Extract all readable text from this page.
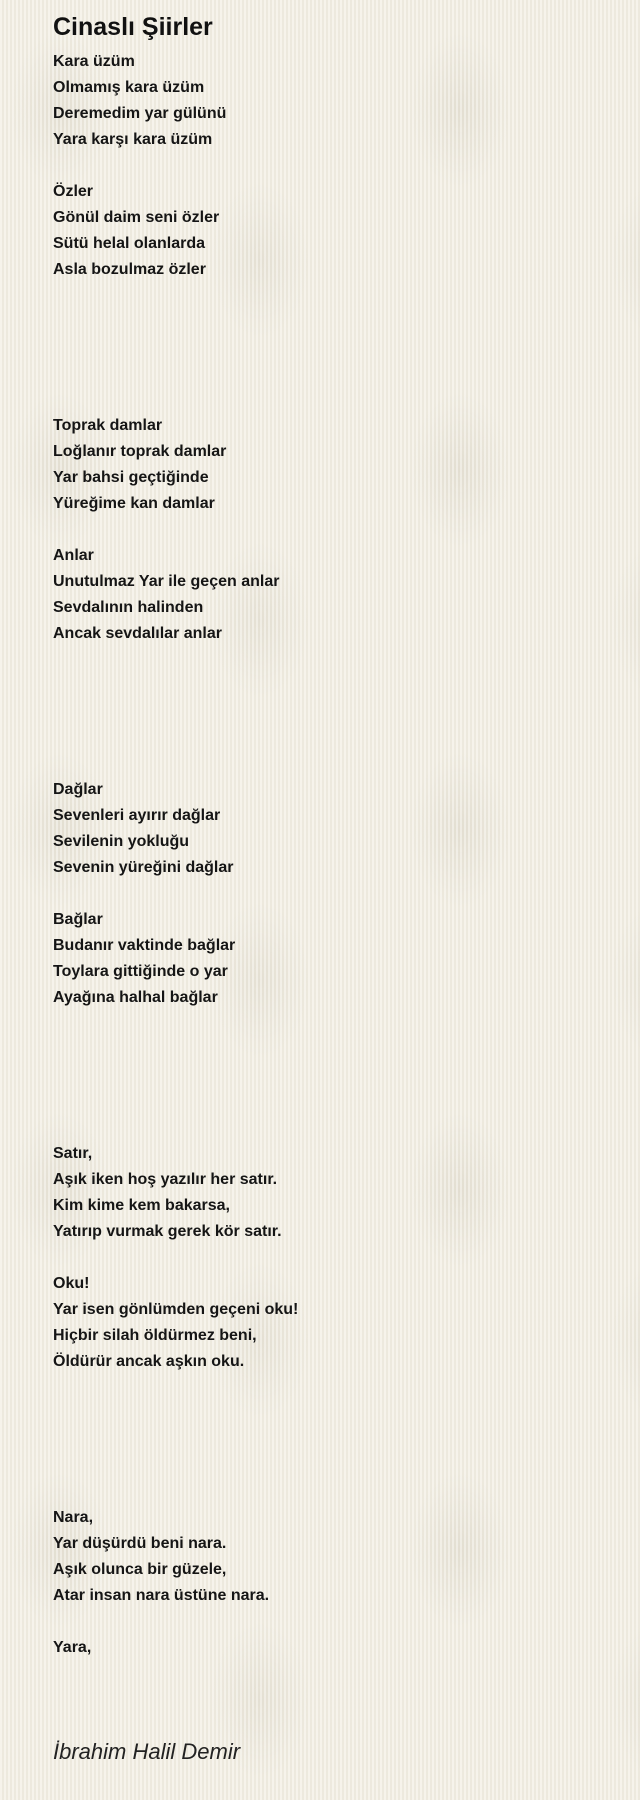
Cinaslı Şiirler
Kara üzüm
Olmamış kara üzüm
Deremedim yar gülünü
Yara karşı kara üzüm
Özler
Gönül daim seni özler
Sütü helal olanlarda
Asla bozulmaz özler
Toprak damlar
Loğlanır toprak damlar
Yar bahsi geçtiğinde
Yüreğime kan damlar
Anlar
Unutulmaz Yar ile geçen anlar
Sevdalının halinden
Ancak sevdalılar anlar
Dağlar
Sevenleri ayırır dağlar
Sevilenin yokluğu
Sevenin yüreğini dağlar
Bağlar
Budanır vaktinde bağlar
Toylara gittiğinde o yar
Ayağına halhal bağlar
Satır,
Aşık iken hoş yazılır her satır.
Kim kime kem bakarsa,
Yatırıp vurmak gerek kör satır.
Oku!
Yar isen gönlümden geçeni oku!
Hiçbir silah öldürmez beni,
Öldürür ancak aşkın oku.
Nara,
Yar düşürdü beni nara.
Aşık olunca bir güzele,
Atar insan nara üstüne nara.
Yara,
İbrahim Halil Demir
